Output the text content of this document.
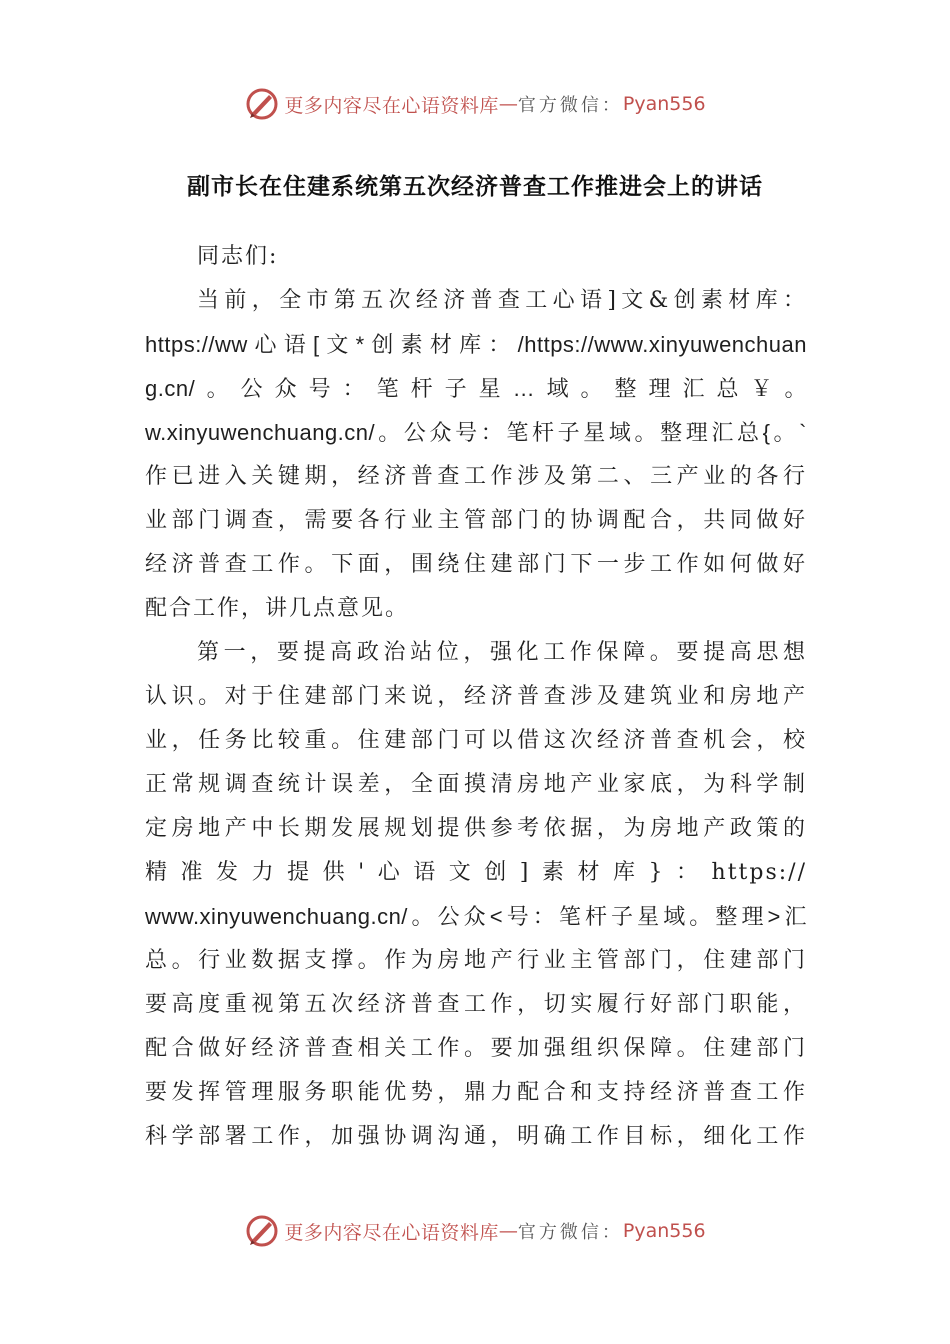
更多内容尽在心语资料库 — 官方微信： Pyan556
副市长在住建系统第五次经济普查工作推进会上的讲话
同志们:
当前，全市第五次经济普查工心语]文&创素材库：
https://ww心语[文*创素材库：/https://www.xinyuwenchuan
g.cn/。公众号：笔杆子星…域。整理汇总￥。
w.xinyuwenchuang.cn/。公众号：笔杆子星域。整理汇总{。`
作已进入关键期，经济普查工作涉及第二、三产业的各行
业部门调查，需要各行业主管部门的协调配合，共同做好
经济普查工作。下面，围绕住建部门下一步工作如何做好
配合工作，讲几点意见。
第一，要提高政治站位，强化工作保障。要提高思想
认识。对于住建部门来说，经济普查涉及建筑业和房地产
业，任务比较重。住建部门可以借这次经济普查机会，校
正常规调查统计误差，全面摸清房地产业家底，为科学制
定房地产中长期发展规划提供参考依据，为房地产政策的
精准发力提供'心语文创]素材库}：https://
www.xinyuwenchuang.cn/。公众<号：笔杆子星域。整理>汇
总。行业数据支撑。作为房地产行业主管部门，住建部门
要高度重视第五次经济普查工作，切实履行好部门职能，
配合做好经济普查相关工作。要加强组织保障。住建部门
要发挥管理服务职能优势，鼎力配合和支持经济普查工作
科学部署工作，加强协调沟通，明确工作目标，细化工作
更多内容尽在心语资料库 — 官方微信： Pyan556
